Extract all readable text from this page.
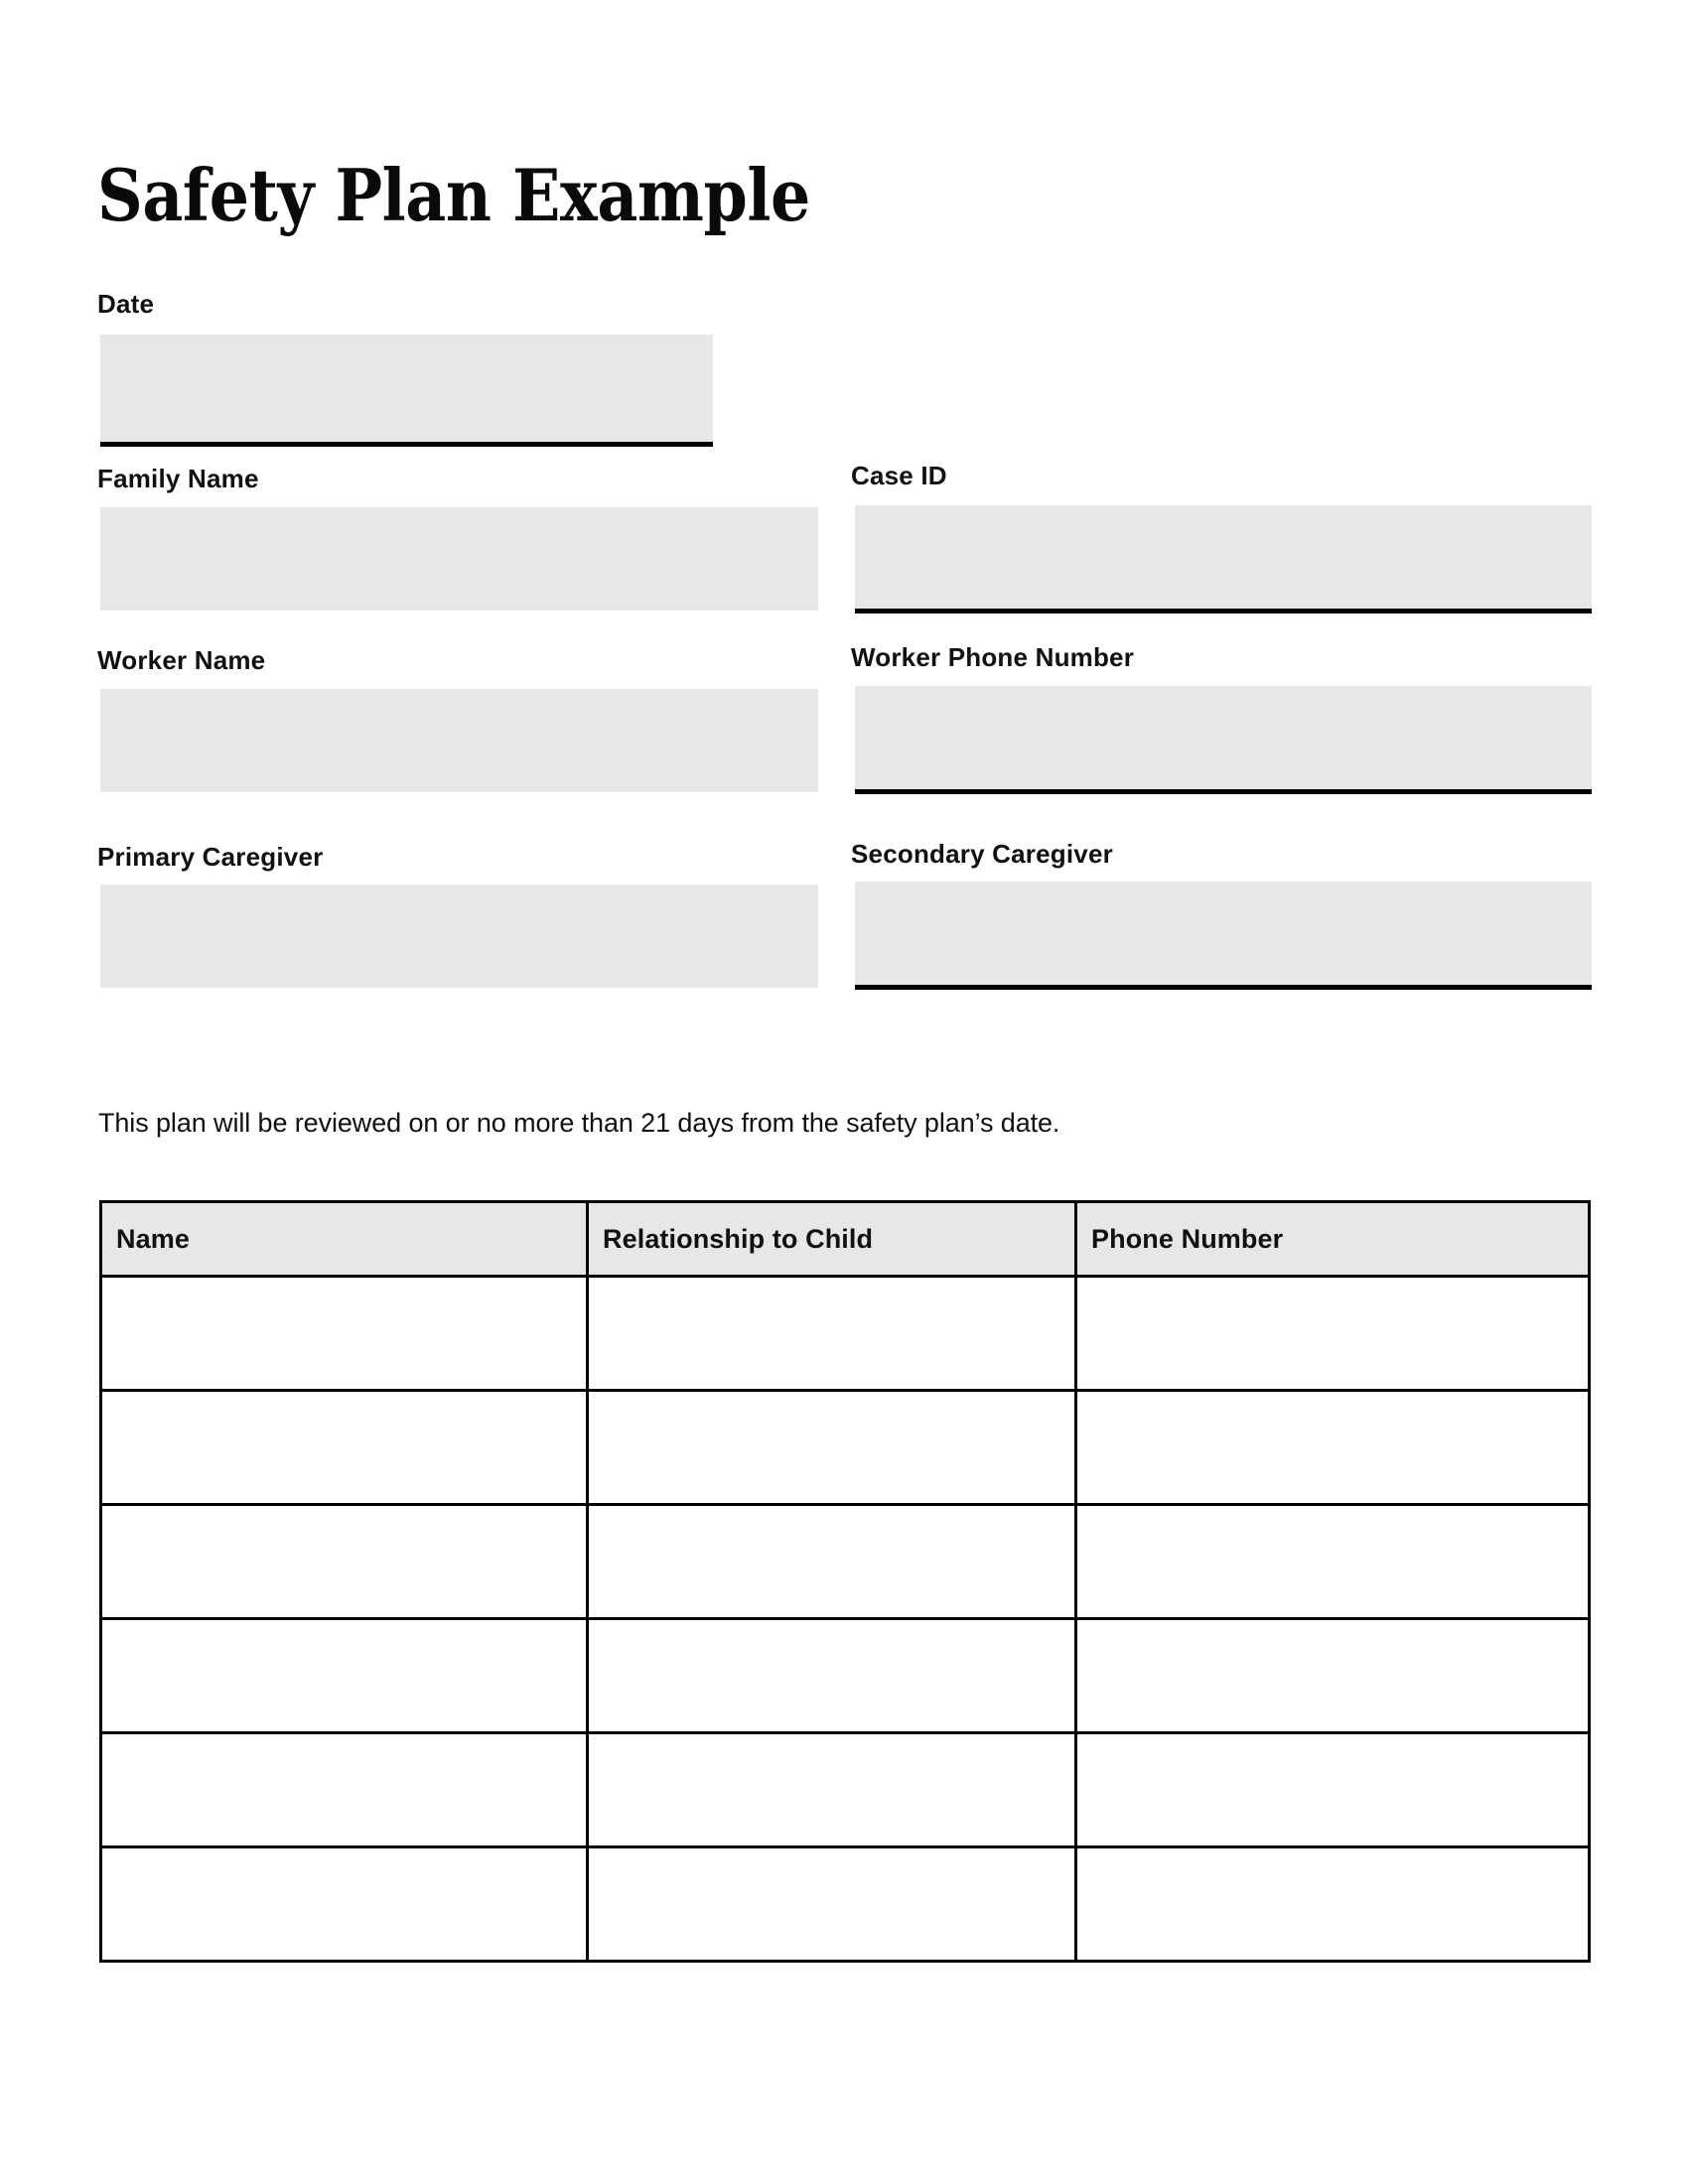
Safety Plan Example
Date
Family Name	Case ID
Worker Name	Worker Phone Number
Primary Caregiver	Secondary Caregiver

This plan will be reviewed on or no more than 21 days from the safety plan’s date.

Name	Relationship to Child	Phone Number
